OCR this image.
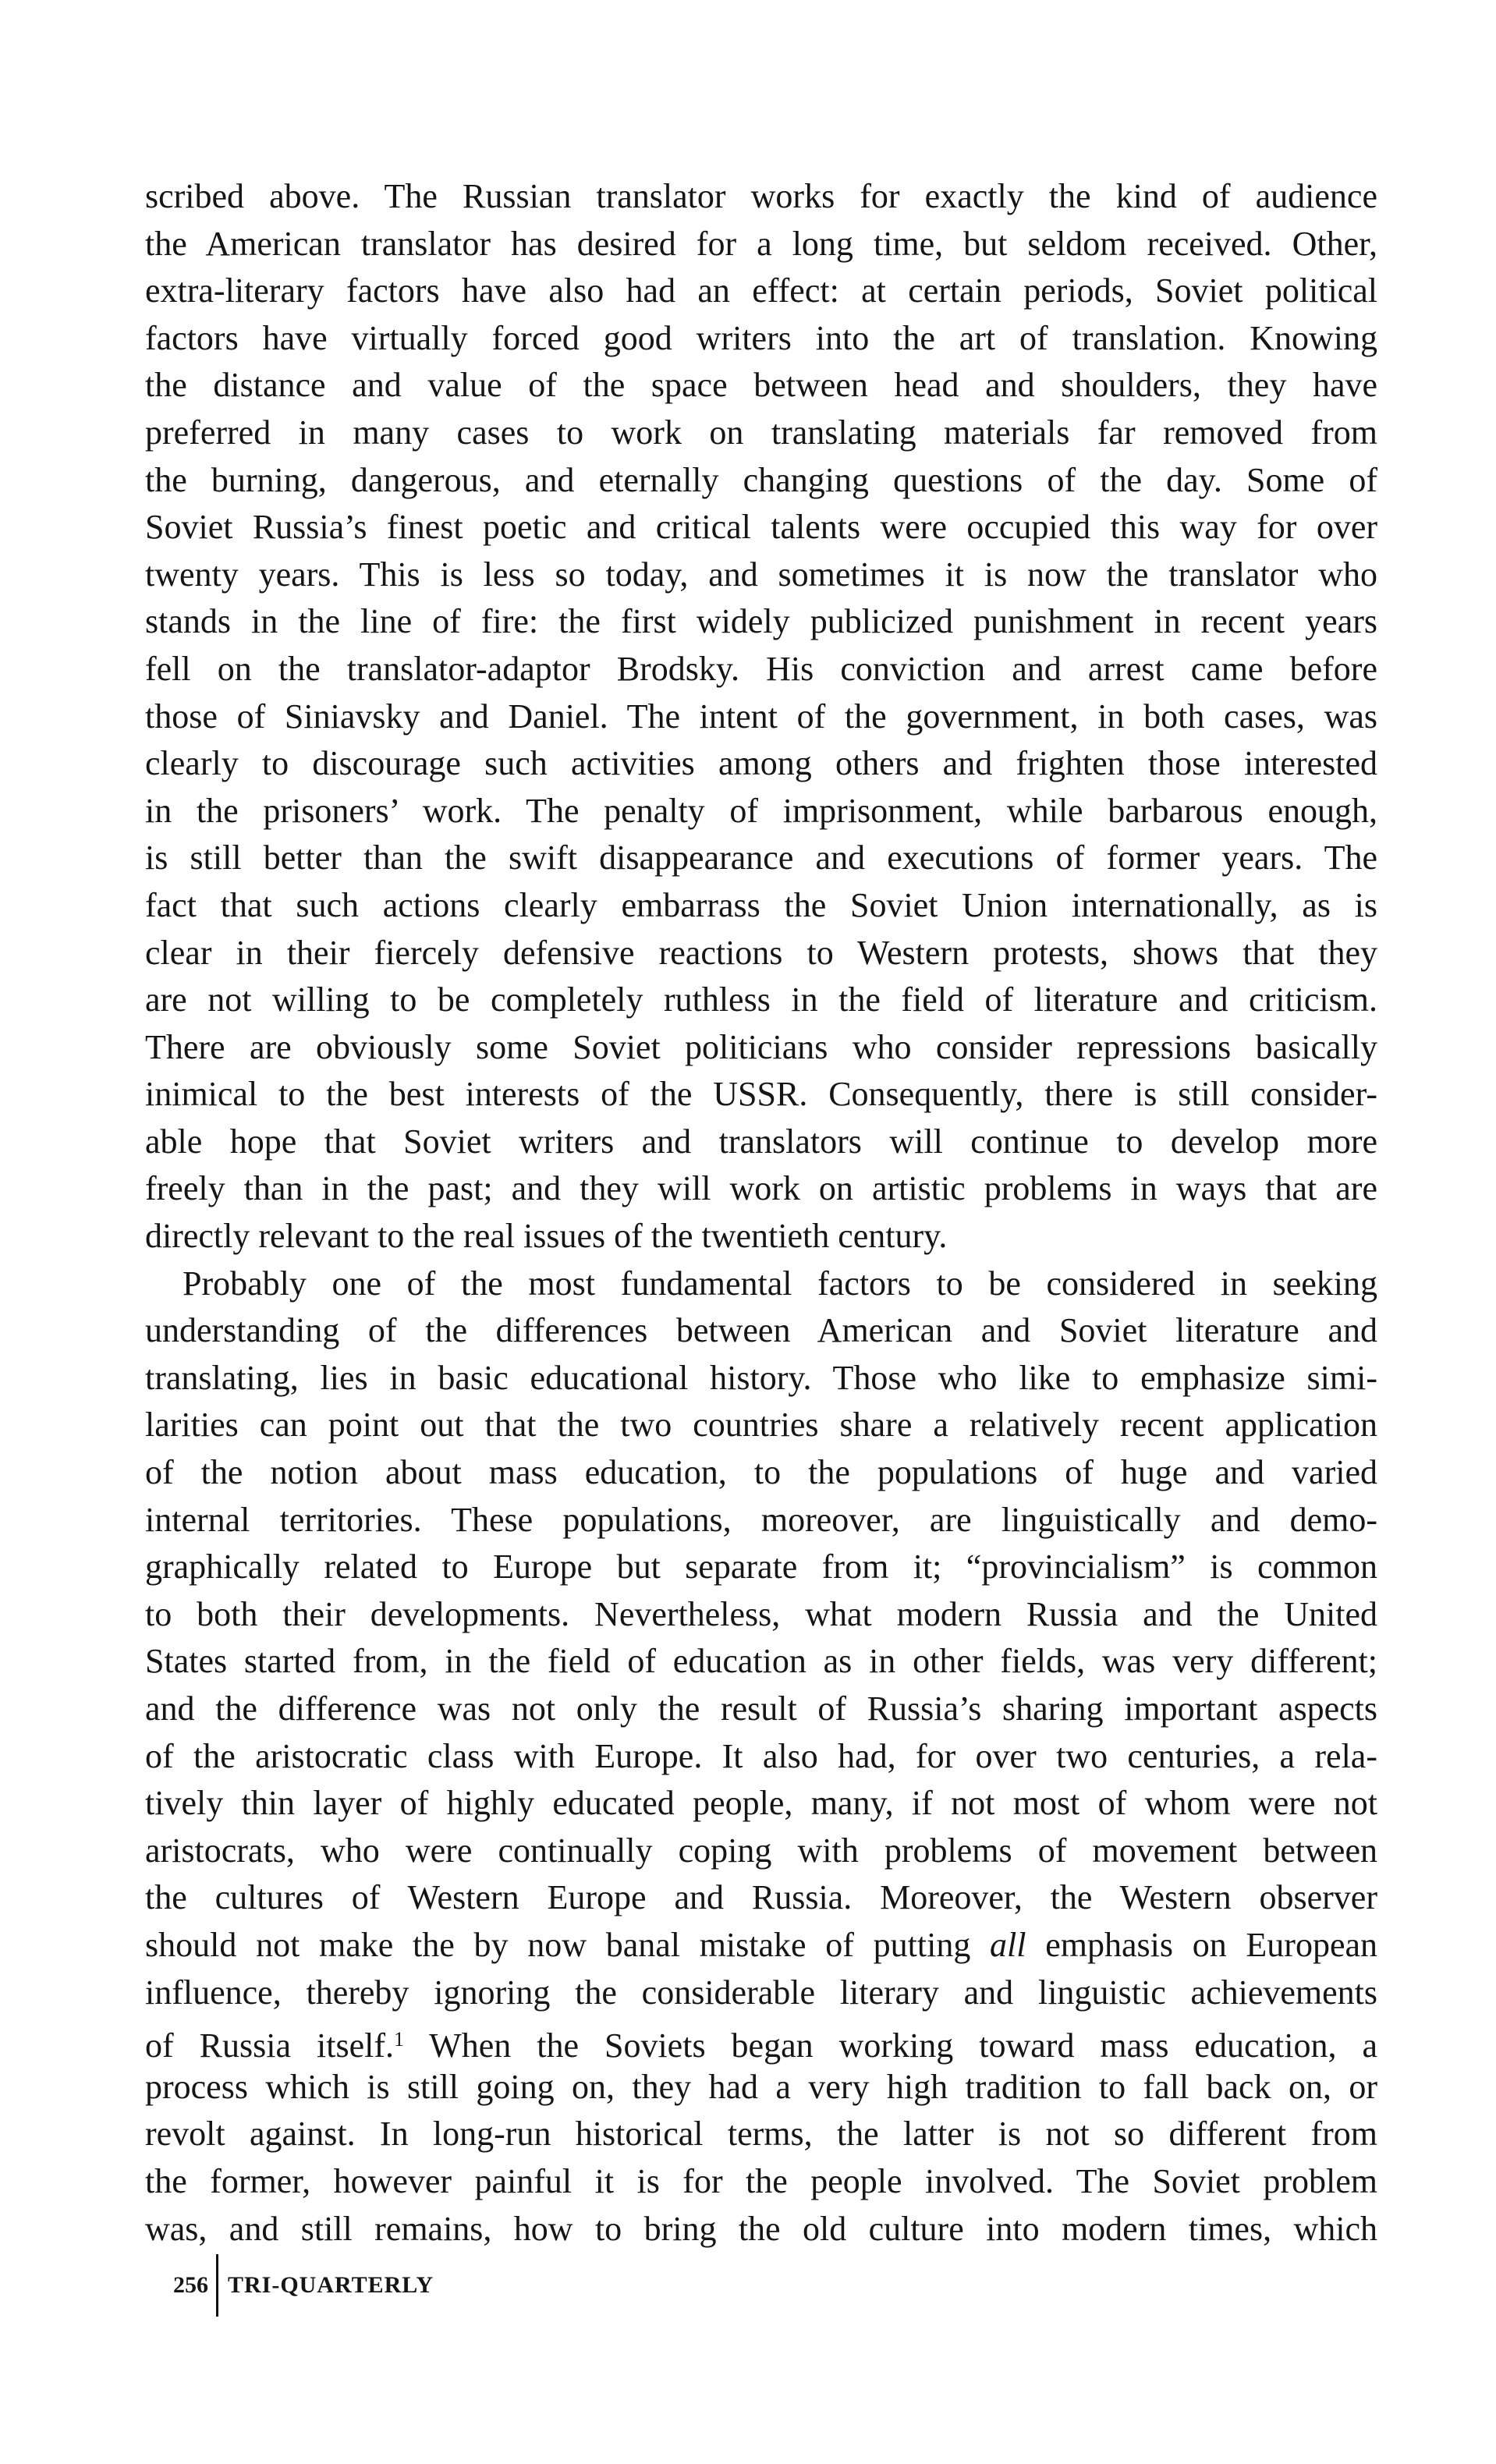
scribed above. The Russian translator works for exactly the kind of audience
the American translator has desired for a long time, but seldom received. Other,
extra-literary factors have also had an effect: at certain periods, Soviet political
factors have virtually forced good writers into the art of translation. Knowing
the distance and value of the space between head and shoulders, they have
preferred in many cases to work on translating materials far removed from
the burning, dangerous, and eternally changing questions of the day. Some of
Soviet Russia’s finest poetic and critical talents were occupied this way for over
twenty years. This is less so today, and sometimes it is now the translator who
stands in the line of fire: the first widely publicized punishment in recent years
fell on the translator-adaptor Brodsky. His conviction and arrest came before
those of Siniavsky and Daniel. The intent of the government, in both cases, was
clearly to discourage such activities among others and frighten those interested
in the prisoners’ work. The penalty of imprisonment, while barbarous enough,
is still better than the swift disappearance and executions of former years. The
fact that such actions clearly embarrass the Soviet Union internationally, as is
clear in their fiercely defensive reactions to Western protests, shows that they
are not willing to be completely ruthless in the field of literature and criticism.
There are obviously some Soviet politicians who consider repressions basically
inimical to the best interests of the USSR. Consequently, there is still consider-
able hope that Soviet writers and translators will continue to develop more
freely than in the past; and they will work on artistic problems in ways that are
directly relevant to the real issues of the twentieth century.
Probably one of the most fundamental factors to be considered in seeking
understanding of the differences between American and Soviet literature and
translating, lies in basic educational history. Those who like to emphasize simi-
larities can point out that the two countries share a relatively recent application
of the notion about mass education, to the populations of huge and varied
internal territories. These populations, moreover, are linguistically and demo-
graphically related to Europe but separate from it; “provincialism” is common
to both their developments. Nevertheless, what modern Russia and the United
States started from, in the field of education as in other fields, was very different;
and the difference was not only the result of Russia’s sharing important aspects
of the aristocratic class with Europe. It also had, for over two centuries, a rela-
tively thin layer of highly educated people, many, if not most of whom were not
aristocrats, who were continually coping with problems of movement between
the cultures of Western Europe and Russia. Moreover, the Western observer
should not make the by now banal mistake of putting all emphasis on European
influence, thereby ignoring the considerable literary and linguistic achievements
of Russia itself.$^1$ When the Soviets began working toward mass education, a
process which is still going on, they had a very high tradition to fall back on, or
revolt against. In long-run historical terms, the latter is not so different from
the former, however painful it is for the people involved. The Soviet problem
was, and still remains, how to bring the old culture into modern times, which
256 TRI-QUARTERLY
